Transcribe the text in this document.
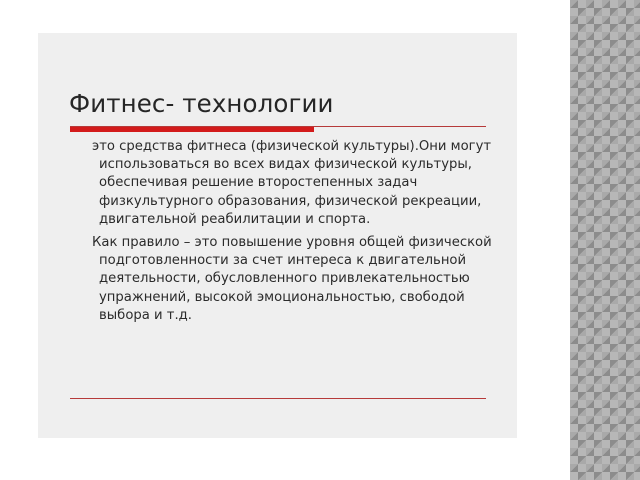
Фитнес- технологии

это средства фитнеса (физической культуры).Они могут
использоваться во всех видах физической культуры,
обеспечивая решение второстепенных задач
физкультурного образования, физической рекреации,
двигательной реабилитации и спорта.

Как правило – это повышение уровня общей физической
подготовленности за счет интереса к двигательной
деятельности, обусловленного привлекательностью
упражнений, высокой эмоциональностью, свободой
выбора и т.д.
